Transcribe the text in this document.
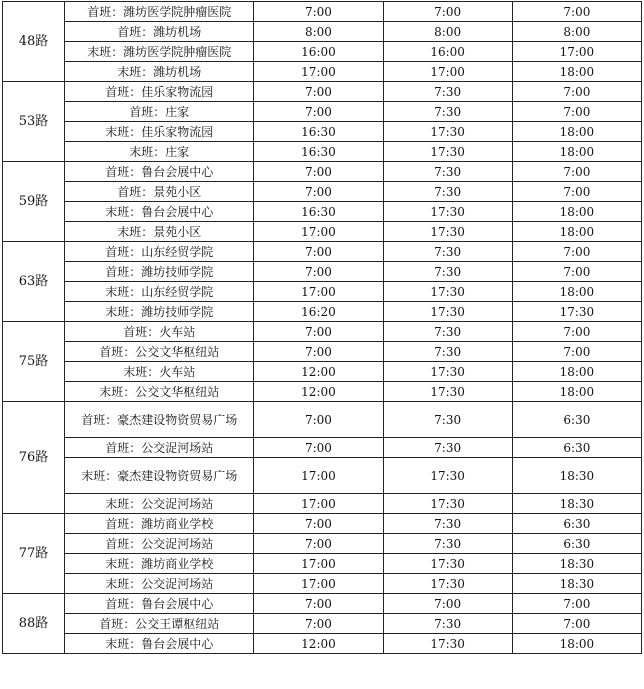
48路	首班：潍坊医学院肿瘤医院	7:00	7:00	7:00
	首班：潍坊机场	8:00	8:00	8:00
	末班：潍坊医学院肿瘤医院	16:00	16:00	17:00
	末班：潍坊机场	17:00	17:00	18:00
53路	首班：佳乐家物流园	7:00	7:30	7:00
	首班：庄家	7:00	7:30	7:00
	末班：佳乐家物流园	16:30	17:30	18:00
	末班：庄家	16:30	17:30	18:00
59路	首班：鲁台会展中心	7:00	7:30	7:00
	首班：景苑小区	7:00	7:30	7:00
	末班：鲁台会展中心	16:30	17:30	18:00
	末班：景苑小区	17:00	17:30	18:00
63路	首班：山东经贸学院	7:00	7:30	7:00
	首班：潍坊技师学院	7:00	7:30	7:00
	末班：山东经贸学院	17:00	17:30	18:00
	末班：潍坊技师学院	16:20	17:30	17:30
75路	首班：火车站	7:00	7:30	7:00
	首班：公交文华枢纽站	7:00	7:30	7:00
	末班：火车站	12:00	17:30	18:00
	末班：公交文华枢纽站	12:00	17:30	18:00
76路	首班：豪杰建设物资贸易广场	7:00	7:30	6:30
	首班：公交浞河场站	7:00	7:30	6:30
	末班：豪杰建设物资贸易广场	17:00	17:30	18:30
	末班：公交浞河场站	17:00	17:30	18:30
77路	首班：潍坊商业学校	7:00	7:30	6:30
	首班：公交浞河场站	7:00	7:30	6:30
	末班：潍坊商业学校	17:00	17:30	18:30
	末班：公交浞河场站	17:00	17:30	18:30
88路	首班：鲁台会展中心	7:00	7:00	7:00
	首班：公交王谭枢纽站	7:00	7:30	7:00
	末班：鲁台会展中心	12:00	17:30	18:00
